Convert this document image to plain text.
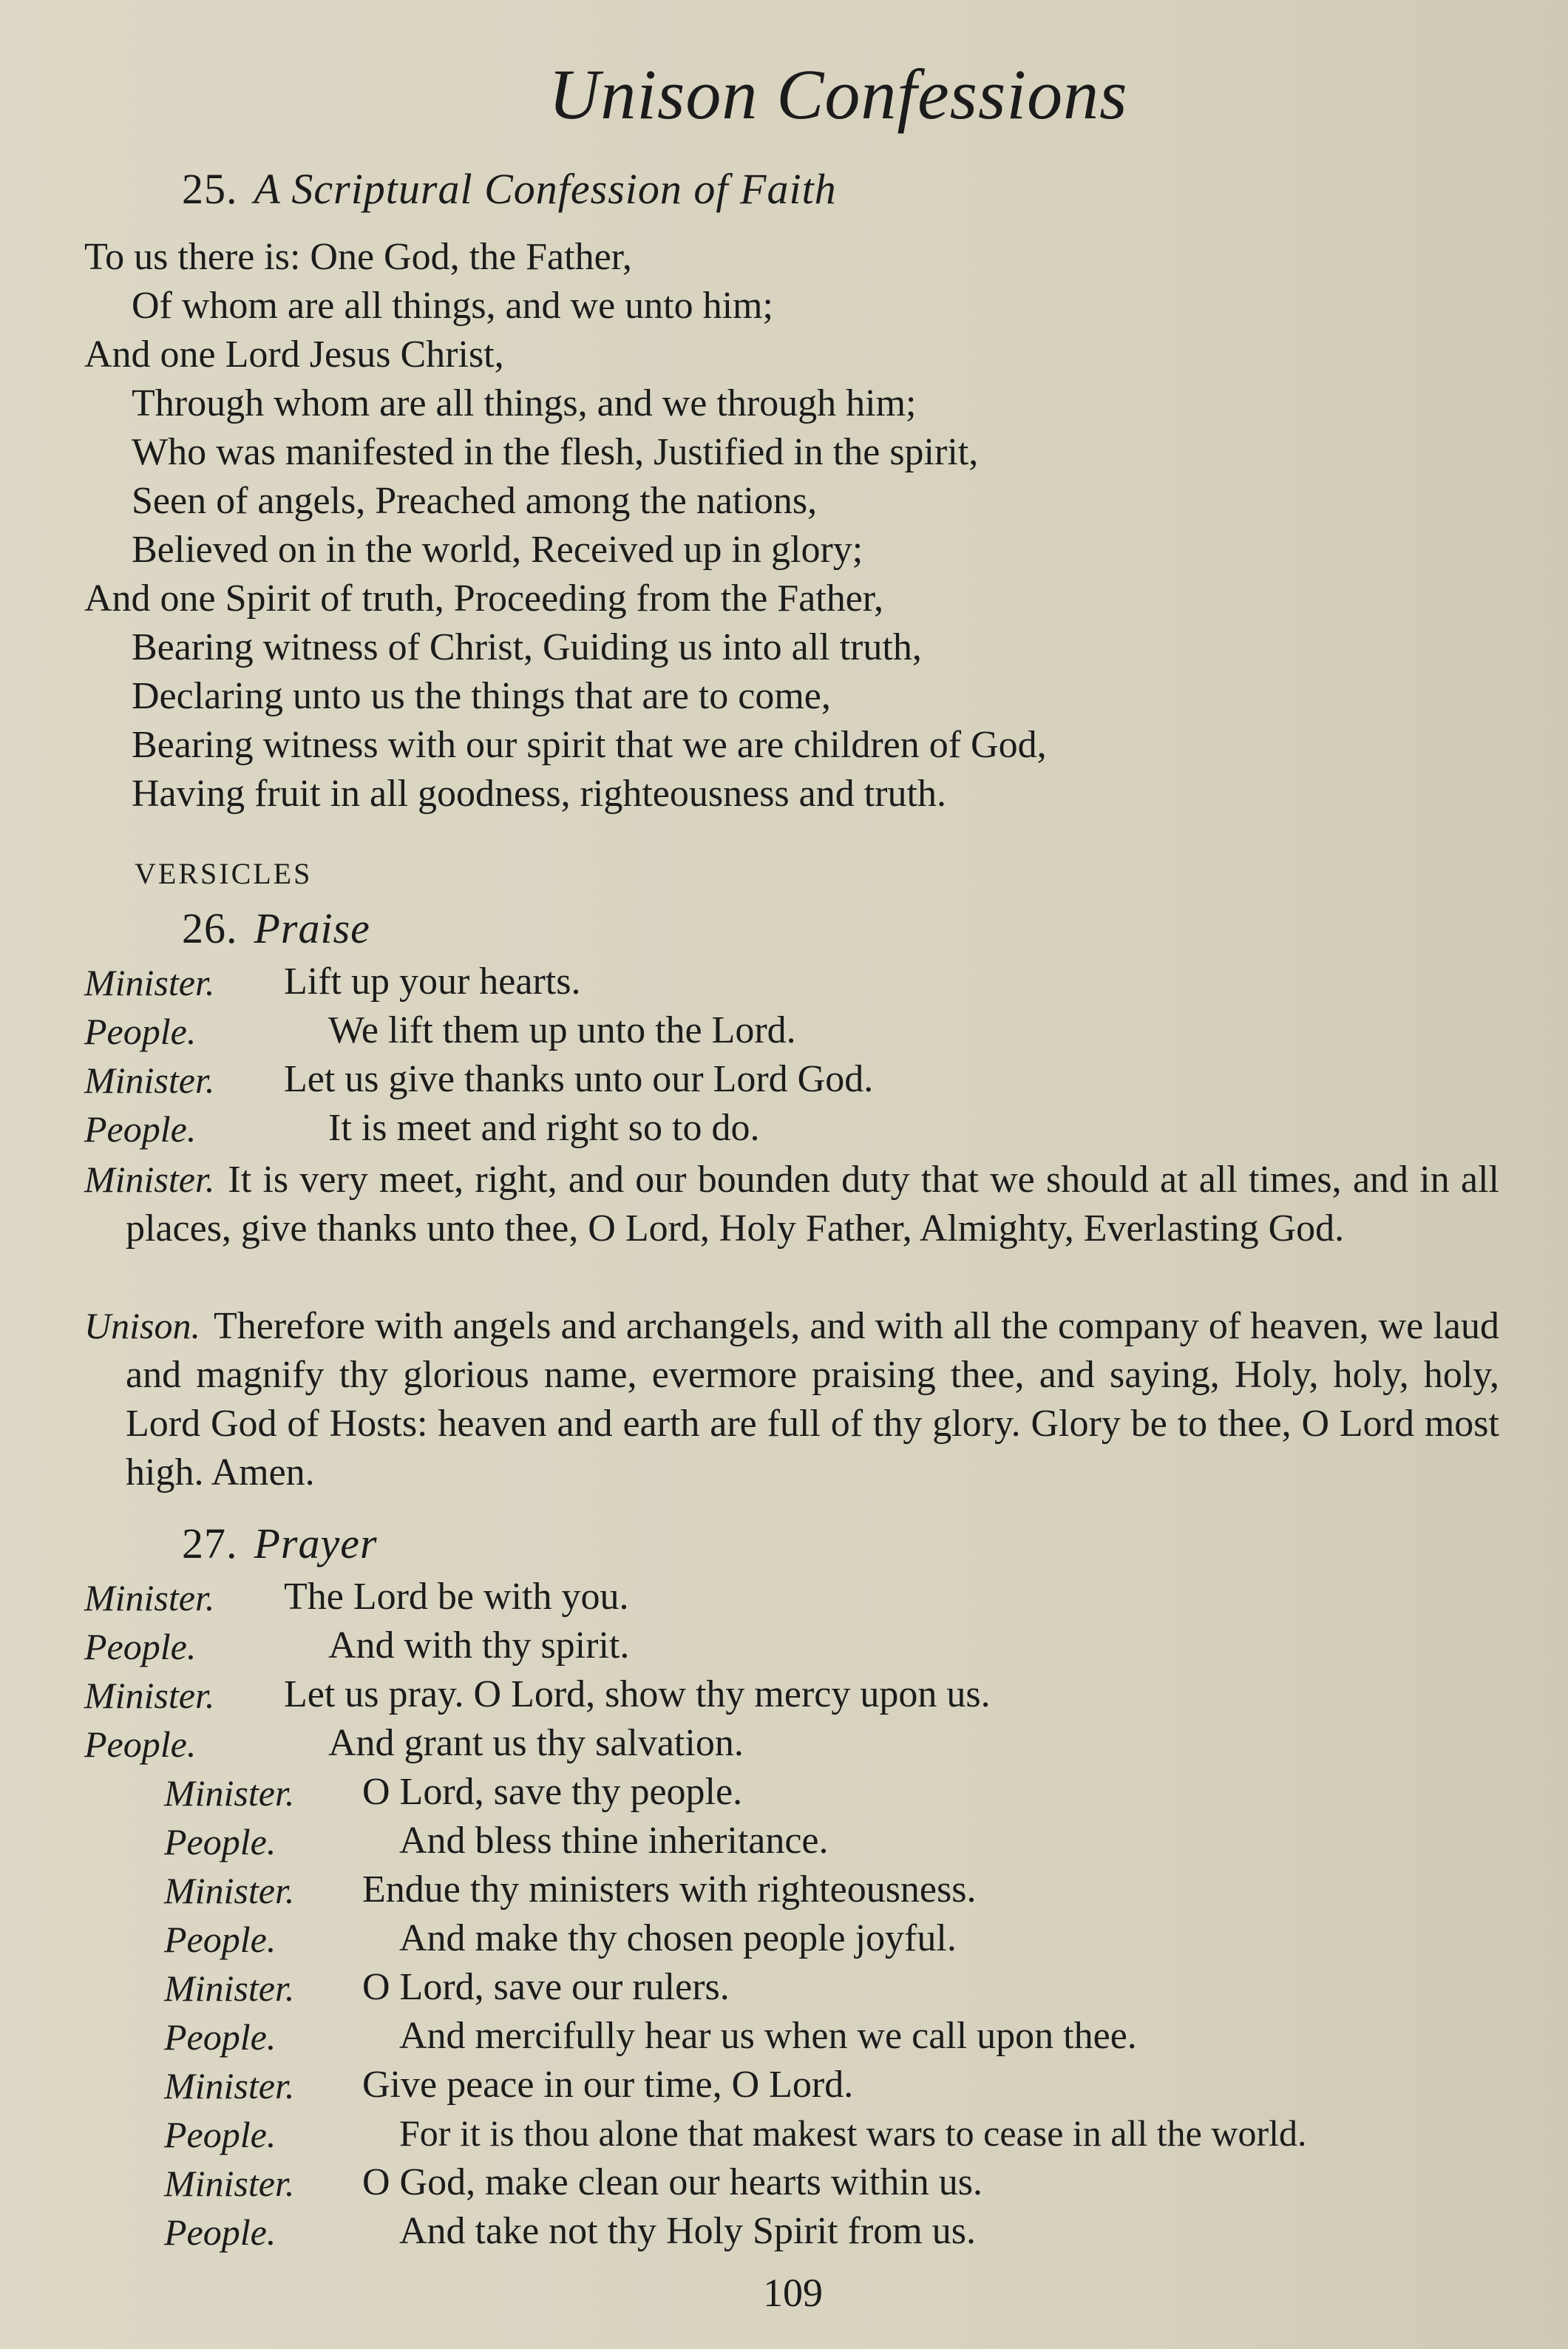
Unison Confessions
25. A Scriptural Confession of Faith
To us there is: One God, the Father,
Of whom are all things, and we unto him;
And one Lord Jesus Christ,
Through whom are all things, and we through him;
Who was manifested in the flesh, Justified in the spirit,
Seen of angels, Preached among the nations,
Believed on in the world, Received up in glory;
And one Spirit of truth, Proceeding from the Father,
Bearing witness of Christ, Guiding us into all truth,
Declaring unto us the things that are to come,
Bearing witness with our spirit that we are children of God,
Having fruit in all goodness, righteousness and truth.
VERSICLES
26. Praise
Minister. Lift up your hearts.
People.	We lift them up unto the Lord.
Minister. Let us give thanks unto our Lord God.
People.	It is meet and right so to do.
Minister. It is very meet, right, and our bounden duty that we should at all times, and in all places, give thanks unto thee, O Lord, Holy Father, Almighty, Everlasting God.
Unison. Therefore with angels and archangels, and with all the company of heaven, we laud and magnify thy glorious name, evermore praising thee, and saying, Holy, holy, holy, Lord God of Hosts: heaven and earth are full of thy glory. Glory be to thee, O Lord most high. Amen.
27. Prayer
Minister. The Lord be with you.
People.	And with thy spirit.
Minister. Let us pray. O Lord, show thy mercy upon us.
People.	And grant us thy salvation.
Minister. O Lord, save thy people.
People.	And bless thine inheritance.
Minister. Endue thy ministers with righteousness.
People.	And make thy chosen people joyful.
Minister. O Lord, save our rulers.
People.	And mercifully hear us when we call upon thee.
Minister. Give peace in our time, O Lord.
People.	For it is thou alone that makest wars to cease in all the world.
Minister. O God, make clean our hearts within us.
People.	And take not thy Holy Spirit from us.
109
